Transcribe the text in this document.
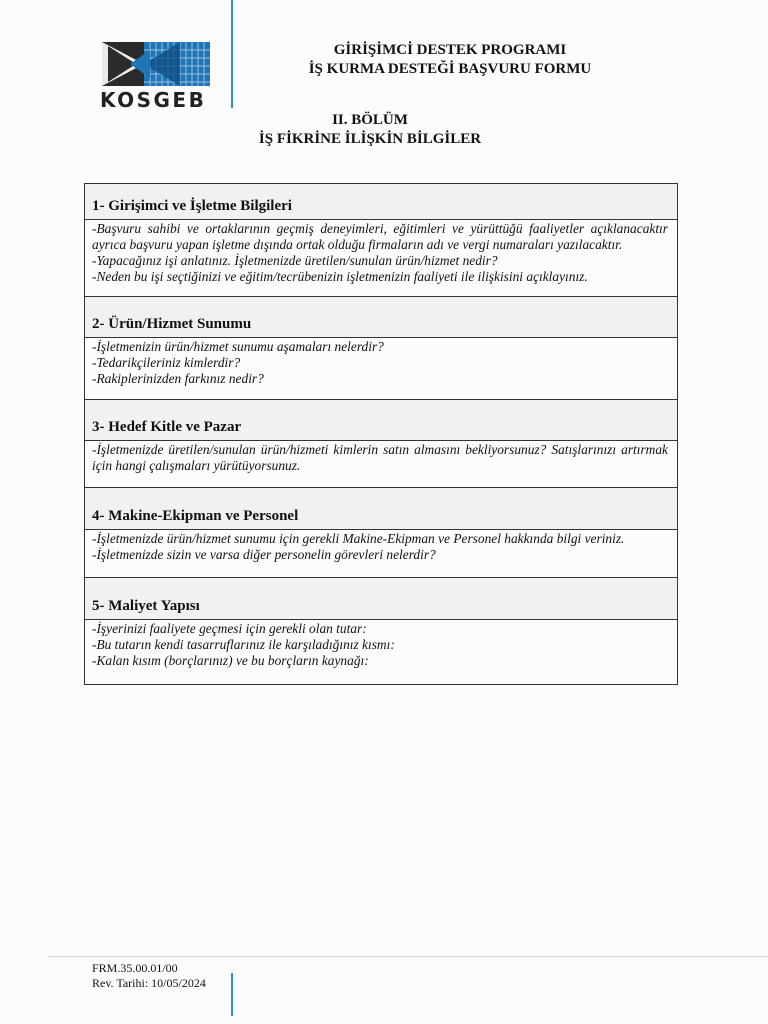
KOSGEB
GİRİŞİMCİ DESTEK PROGRAMI
İŞ KURMA DESTEĞİ BAŞVURU FORMU
II. BÖLÜM
İŞ FİKRİNE İLİŞKİN BİLGİLER
1- Girişimci ve İşletme Bilgileri
-Başvuru sahibi ve ortaklarının geçmiş deneyimleri, eğitimleri ve yürüttüğü faaliyetler açıklanacaktır ayrıca başvuru yapan işletme dışında ortak olduğu firmaların adı ve vergi numaraları yazılacaktır.
-Yapacağınız işi anlatınız. İşletmenizde üretilen/sunulan ürün/hizmet nedir?
-Neden bu işi seçtiğinizi ve eğitim/tecrübenizin işletmenizin faaliyeti ile ilişkisini açıklayınız.
2- Ürün/Hizmet Sunumu
-İşletmenizin ürün/hizmet sunumu aşamaları nelerdir?
-Tedarikçileriniz kimlerdir?
-Rakiplerinizden farkınız nedir?
3- Hedef Kitle ve Pazar
-İşletmenizde üretilen/sunulan ürün/hizmeti kimlerin satın almasını bekliyorsunuz? Satışlarınızı artırmak için hangi çalışmaları yürütüyorsunuz.
4- Makine-Ekipman ve Personel
-İşletmenizde ürün/hizmet sunumu için gerekli Makine-Ekipman ve Personel hakkında bilgi veriniz.
-İşletmenizde sizin ve varsa diğer personelin görevleri nelerdir?
5- Maliyet Yapısı
-İşyerinizi faaliyete geçmesi için gerekli olan tutar:
-Bu tutarın kendi tasarruflarınız ile karşıladığınız kısmı:
-Kalan kısım (borçlarınız) ve bu borçların kaynağı:
FRM.35.00.01/00
Rev. Tarihi: 10/05/2024
